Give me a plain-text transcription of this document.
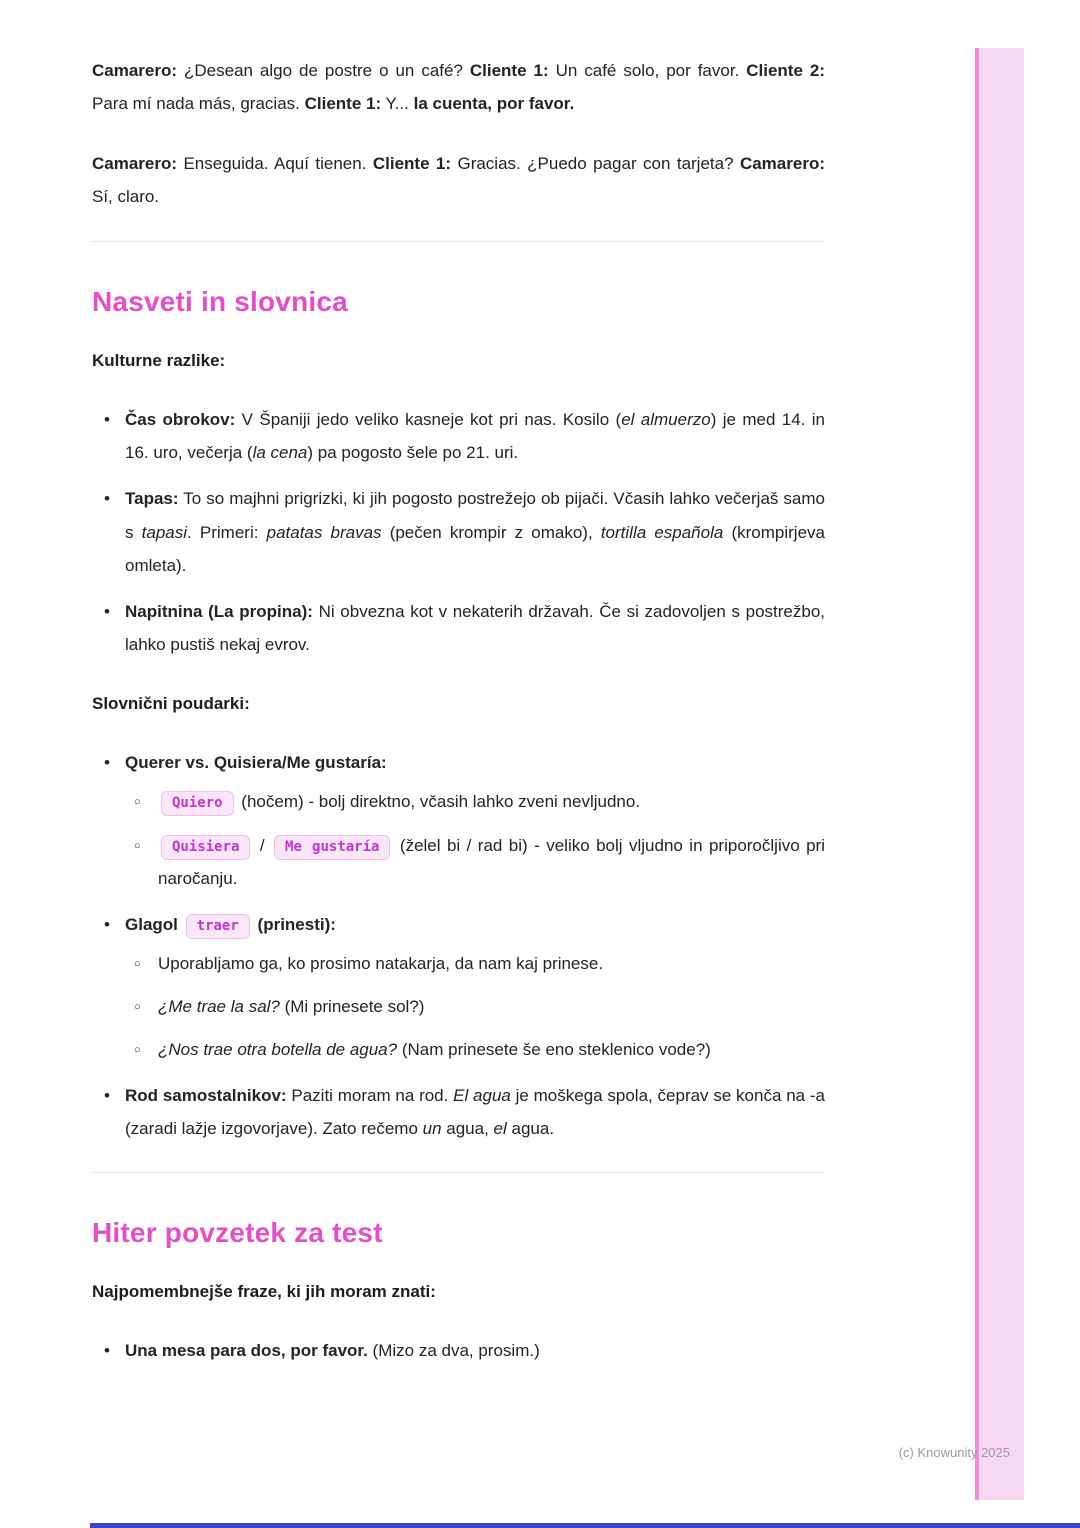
Camarero: ¿Desean algo de postre o un café? Cliente 1: Un café solo, por favor. Cliente 2: Para mí nada más, gracias. Cliente 1: Y... la cuenta, por favor.

Camarero: Enseguida. Aquí tienen. Cliente 1: Gracias. ¿Puedo pagar con tarjeta? Camarero: Sí, claro.

Nasveti in slovnica
Kulturne razlike:
• Čas obrokov: V Španiji jedo veliko kasneje kot pri nas. Kosilo (el almuerzo) je med 14. in 16. uro, večerja (la cena) pa pogosto šele po 21. uri.
• Tapas: To so majhni prigrizki, ki jih pogosto postrežejo ob pijači. Včasih lahko večerjaš samo s tapasi. Primeri: patatas bravas (pečen krompir z omako), tortilla española (krompirjeva omleta).
• Napitnina (La propina): Ni obvezna kot v nekaterih državah. Če si zadovoljen s postrežbo, lahko pustiš nekaj evrov.
Slovnični poudarki:
• Querer vs. Quisiera/Me gustaría:
○ Quiero (hočem) - bolj direktno, včasih lahko zveni nevljudno.
○ Quisiera / Me gustaría (želel bi / rad bi) - veliko bolj vljudno in priporočljivo pri naročanju.
• Glagol traer (prinesti):
○ Uporabljamo ga, ko prosimo natakarja, da nam kaj prinese.
○ ¿Me trae la sal? (Mi prinesete sol?)
○ ¿Nos trae otra botella de agua? (Nam prinesete še eno steklenico vode?)
• Rod samostalnikov: Paziti moram na rod. El agua je moškega spola, čeprav se konča na -a (zaradi lažje izgovorjave). Zato rečemo un agua, el agua.
Hiter povzetek za test
Najpomembnejše fraze, ki jih moram znati:
• Una mesa para dos, por favor. (Mizo za dva, prosim.)
(c) Knowunity 2025
